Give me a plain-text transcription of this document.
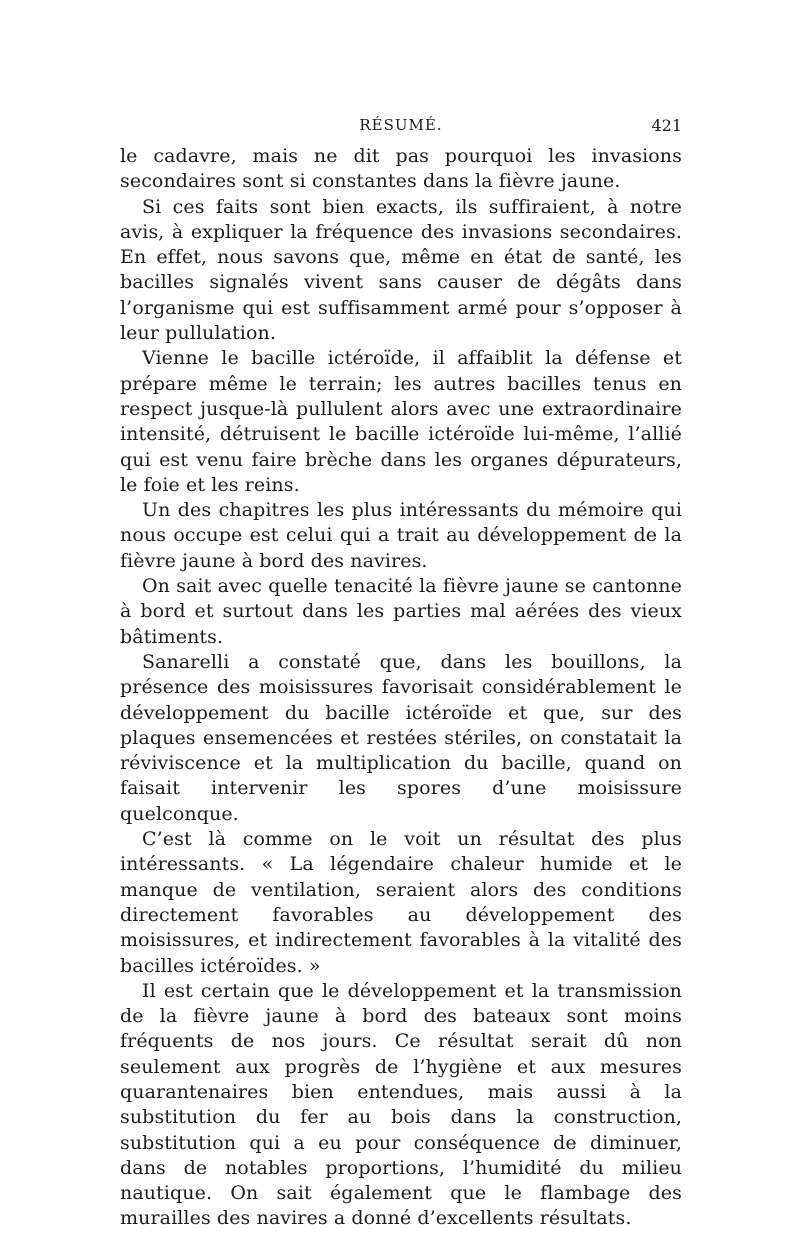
RÉSUMÉ.	421

le cadavre, mais ne dit pas pourquoi les invasions secondaires sont si constantes dans la fièvre jaune.

Si ces faits sont bien exacts, ils suffiraient, à notre avis, à expliquer la fréquence des invasions secondaires. En effet, nous savons que, même en état de santé, les bacilles signalés vivent sans causer de dégâts dans l’organisme qui est suffisamment armé pour s’opposer à leur pullulation.

Vienne le bacille ictéroïde, il affaiblit la défense et prépare même le terrain; les autres bacilles tenus en respect jusque-là pullulent alors avec une extraordinaire intensité, détruisent le bacille ictéroïde lui-même, l’allié qui est venu faire brèche dans les organes dépurateurs, le foie et les reins.

Un des chapitres les plus intéressants du mémoire qui nous occupe est celui qui a trait au développement de la fièvre jaune à bord des navires.

On sait avec quelle tenacité la fièvre jaune se cantonne à bord et surtout dans les parties mal aérées des vieux bâtiments.

Sanarelli a constaté que, dans les bouillons, la présence des moisissures favorisait considérablement le développement du bacille ictéroïde et que, sur des plaques ensemencées et restées stériles, on constatait la réviviscence et la multiplication du bacille, quand on faisait intervenir les spores d’une moisissure quelconque.

C’est là comme on le voit un résultat des plus intéressants. « La légendaire chaleur humide et le manque de ventilation, seraient alors des conditions directement favorables au développement des moisissures, et indirectement favorables à la vitalité des bacilles ictéroïdes. »

Il est certain que le développement et la transmission de la fièvre jaune à bord des bateaux sont moins fréquents de nos jours. Ce résultat serait dû non seulement aux progrès de l’hygiène et aux mesures quarantenaires bien entendues, mais aussi à la substitution du fer au bois dans la construction, substitution qui a eu pour conséquence de diminuer, dans de notables proportions, l’humidité du milieu nautique. On sait également que le flambage des murailles des navires a donné d’excellents résultats.
